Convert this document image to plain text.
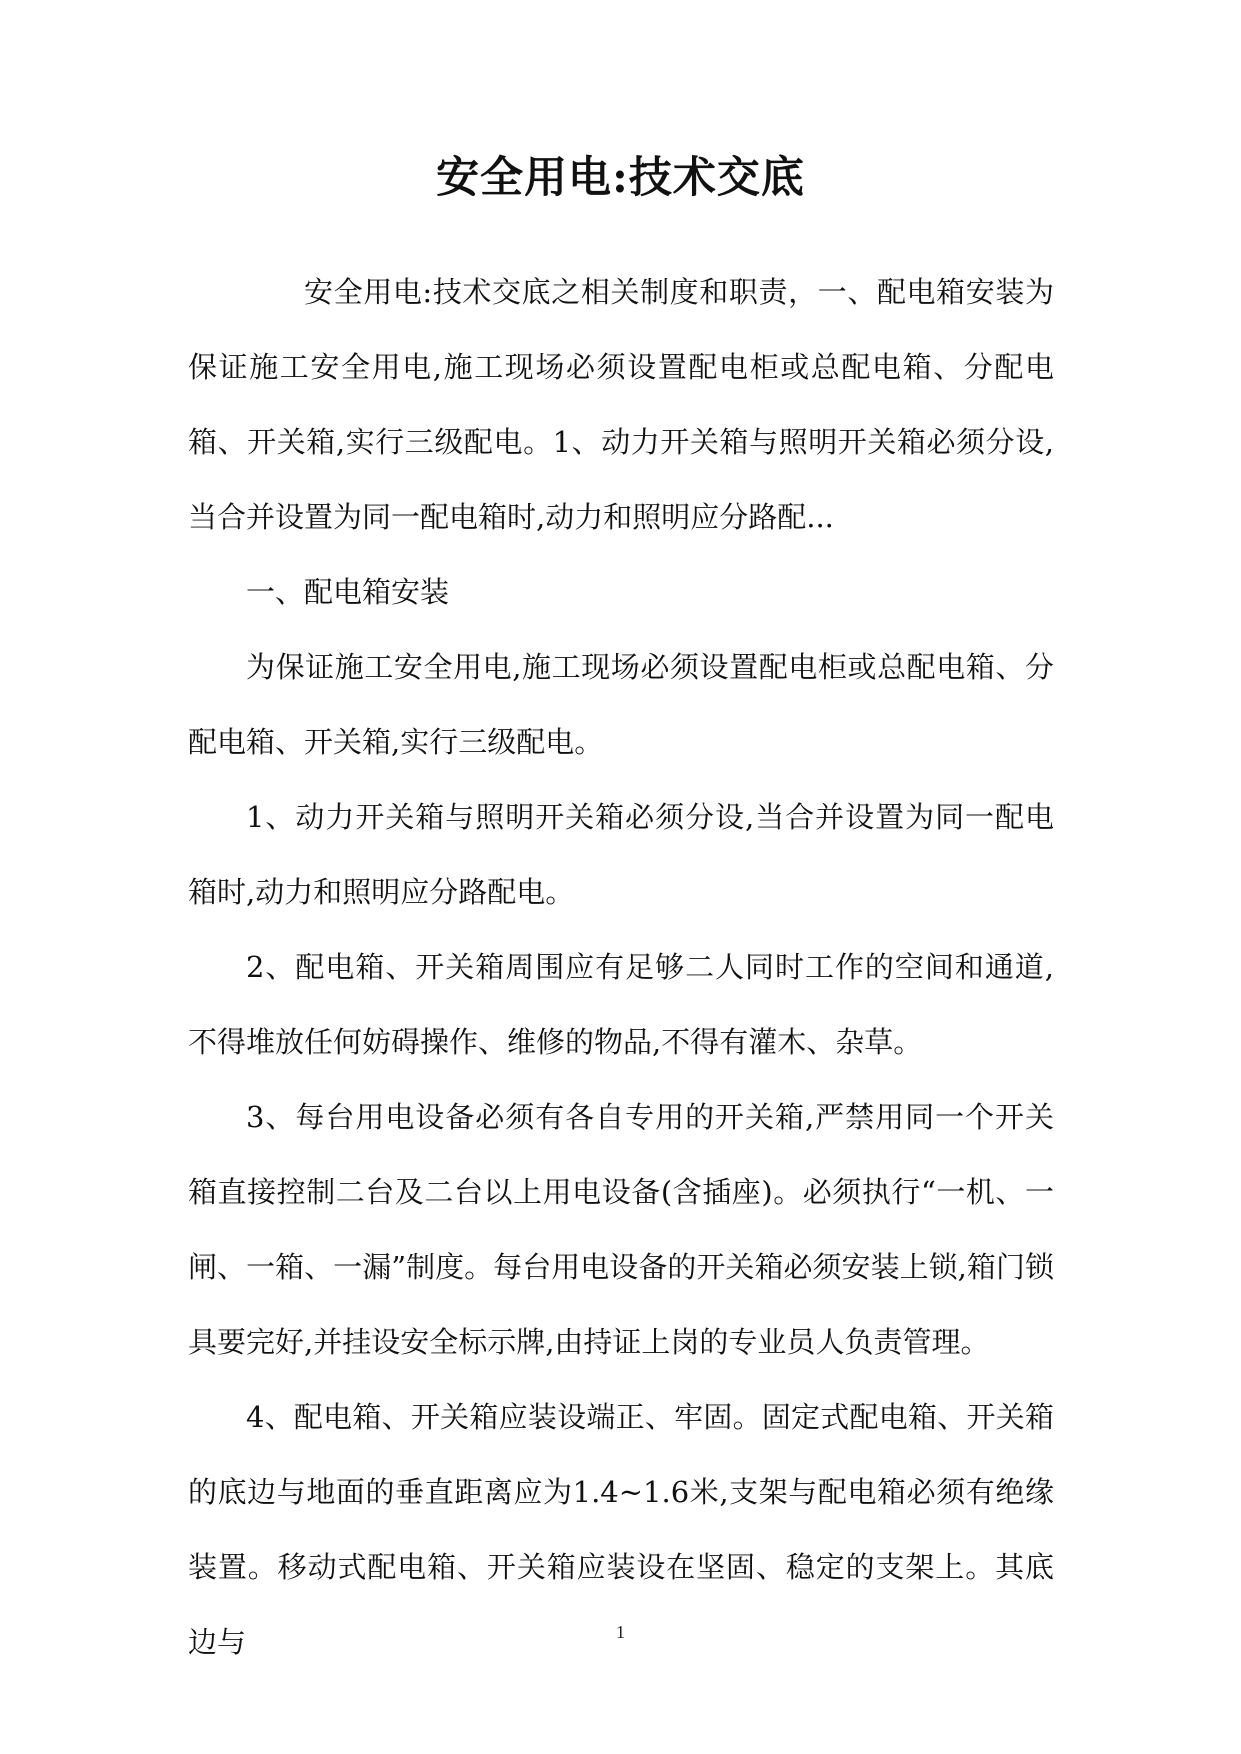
安全用电:技术交底

安全用电:技术交底之相关制度和职责，一、配电箱安装为保证施工安全用电,施工现场必须设置配电柜或总配电箱、分配电箱、开关箱,实行三级配电。1、动力开关箱与照明开关箱必须分设,当合并设置为同一配电箱时,动力和照明应分路配...

一、配电箱安装

为保证施工安全用电,施工现场必须设置配电柜或总配电箱、分配电箱、开关箱,实行三级配电。

1、动力开关箱与照明开关箱必须分设,当合并设置为同一配电箱时,动力和照明应分路配电。

2、配电箱、开关箱周围应有足够二人同时工作的空间和通道,不得堆放任何妨碍操作、维修的物品,不得有灌木、杂草。

3、每台用电设备必须有各自专用的开关箱,严禁用同一个开关箱直接控制二台及二台以上用电设备(含插座)。必须执行“一机、一闸、一箱、一漏”制度。每台用电设备的开关箱必须安装上锁,箱门锁具要完好,并挂设安全标示牌,由持证上岗的专业员人负责管理。

4、配电箱、开关箱应装设端正、牢固。固定式配电箱、开关箱的底边与地面的垂直距离应为1.4~1.6米,支架与配电箱必须有绝缘装置。移动式配电箱、开关箱应装设在坚固、稳定的支架上。其底边与	1
